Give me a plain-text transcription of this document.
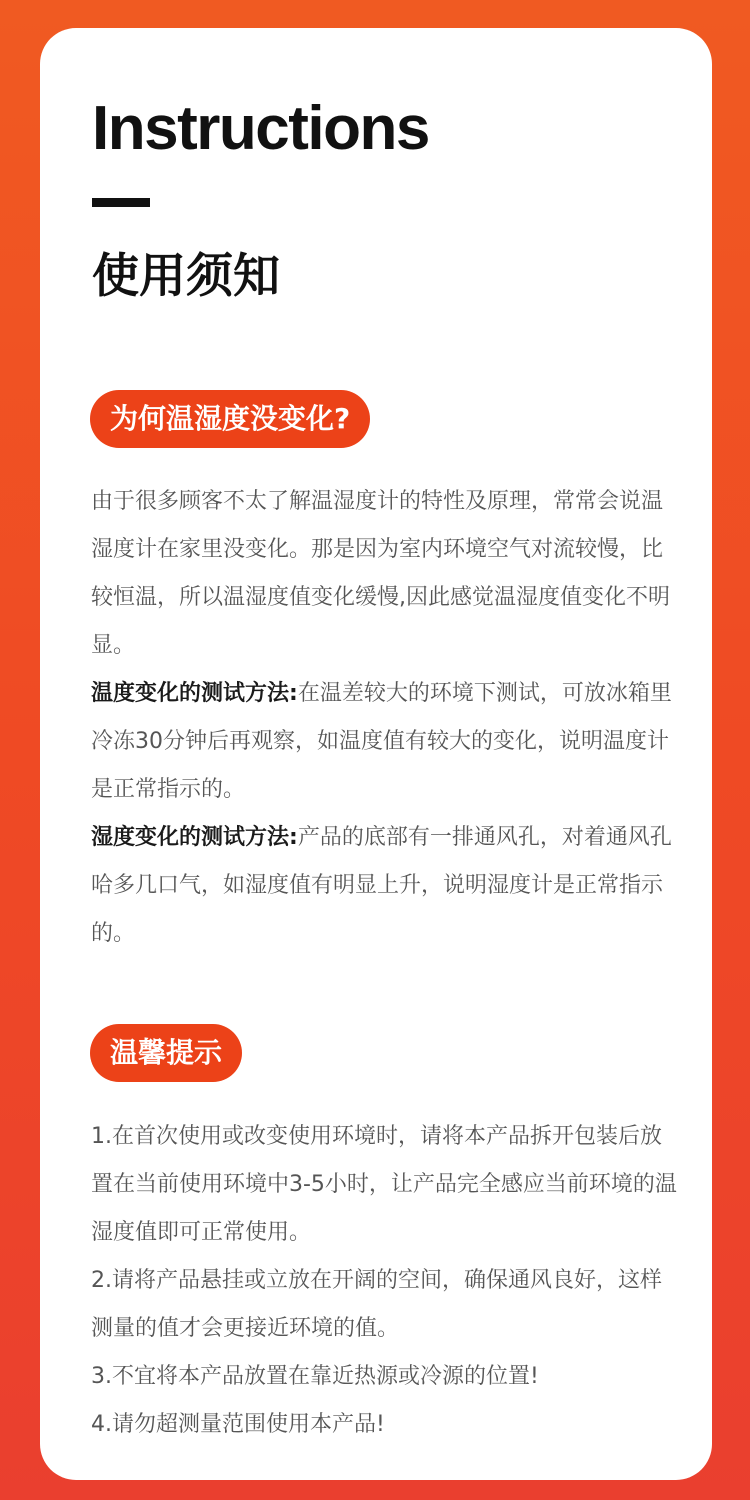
Instructions
使用须知
为何温湿度没变化?

由于很多顾客不太了解温湿度计的特性及原理，常常会说温湿度计在家里没变化。那是因为室内环境空气对流较慢，比较恒温，所以温湿度值变化缓慢,因此感觉温湿度值变化不明显。

温度变化的测试方法:在温差较大的环境下测试，可放冰箱里冷冻30分钟后再观察，如温度值有较大的变化，说明温度计是正常指示的。

湿度变化的测试方法:产品的底部有一排通风孔，对着通风孔哈多几口气，如湿度值有明显上升，说明湿度计是正常指示的。

温馨提示

1.在首次使用或改变使用环境时，请将本产品拆开包装后放置在当前使用环境中3-5小时，让产品完全感应当前环境的温湿度值即可正常使用。

2.请将产品悬挂或立放在开阔的空间，确保通风良好，这样测量的值才会更接近环境的值。

3.不宜将本产品放置在靠近热源或冷源的位置!

4.请勿超测量范围使用本产品!
